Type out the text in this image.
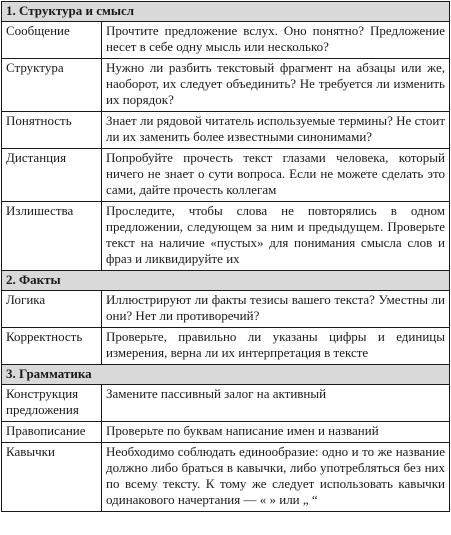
1. Структура и смысл	
Сообщение	Прочтите предложение вслух. Оно понятно? Предложение несет в себе одну мысль или несколько?
Структура	Нужно ли разбить текстовый фрагмент на абзацы или же, наоборот, их следует объединить? Не требуется ли изменить их порядок?
Понятность	Знает ли рядовой читатель используемые термины? Не стоит ли их заменить более известными синонимами?
Дистанция	Попробуйте прочесть текст глазами человека, который ничего не знает о сути вопроса. Если не можете сделать это сами, дайте прочесть коллегам
Излишества	Проследите, чтобы слова не повторялись в одном предложении, следующем за ним и предыдущем. Проверьте текст на наличие «пустых» для понимания смысла слов и фраз и ликвидируйте их
2. Факты	
Логика	Иллюстрируют ли факты тезисы вашего текста? Уместны ли они? Нет ли противоречий?
Корректность	Проверьте, правильно ли указаны цифры и единицы измерения, верна ли их интерпретация в тексте
3. Грамматика	
Конструкция предложения	Замените пассивный залог на активный
Правописание	Проверьте по буквам написание имен и названий
Кавычки	Необходимо соблюдать единообразие: одно и то же название должно либо браться в кавычки, либо употребляться без них по всему тексту. К тому же следует использовать кавычки одинакового начертания — « » или „ “
